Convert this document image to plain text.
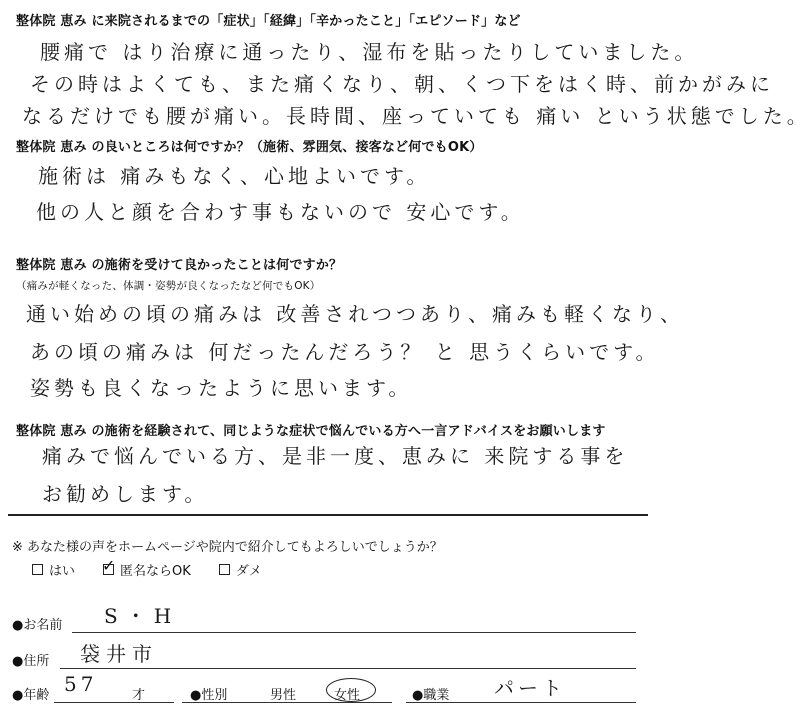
整体院 恵み に来院されるまでの「症状」「経緯」「辛かったこと」「エピソード」など
腰痛で はり治療に通ったり、湿布を貼ったりしていました。
その時はよくても、また痛くなり、朝、くつ下をはく時、前かがみに
なるだけでも腰が痛い。長時間、座っていても 痛い という状態でした。
整体院 恵み の良いところは何ですか？（施術、雰囲気、接客など何でもOK）
施術は 痛みもなく、心地よいです。
他の人と顔を合わす事もないので 安心です。
整体院 恵み の施術を受けて良かったことは何ですか？
（痛みが軽くなった、体調・姿勢が良くなったなど何でもOK）
通い始めの頃の痛みは 改善されつつあり、痛みも軽くなり、
あの頃の痛みは 何だったんだろう？ と 思うくらいです。
姿勢も良くなったように思います。
整体院 恵み の施術を経験されて、同じような症状で悩んでいる方へ一言アドバイスをお願いします
痛みで悩んでいる方、是非一度、恵みに 来院する事を
お勧めします。
※ あなた様の声をホームページや院内で紹介してもよろしいでしょうか？
はい ✓ 匿名ならOK	ダメ
●お名前 S・H
●住所 袋井市
●年齢 57	才	●性別	男性	女性	●職業 パート
